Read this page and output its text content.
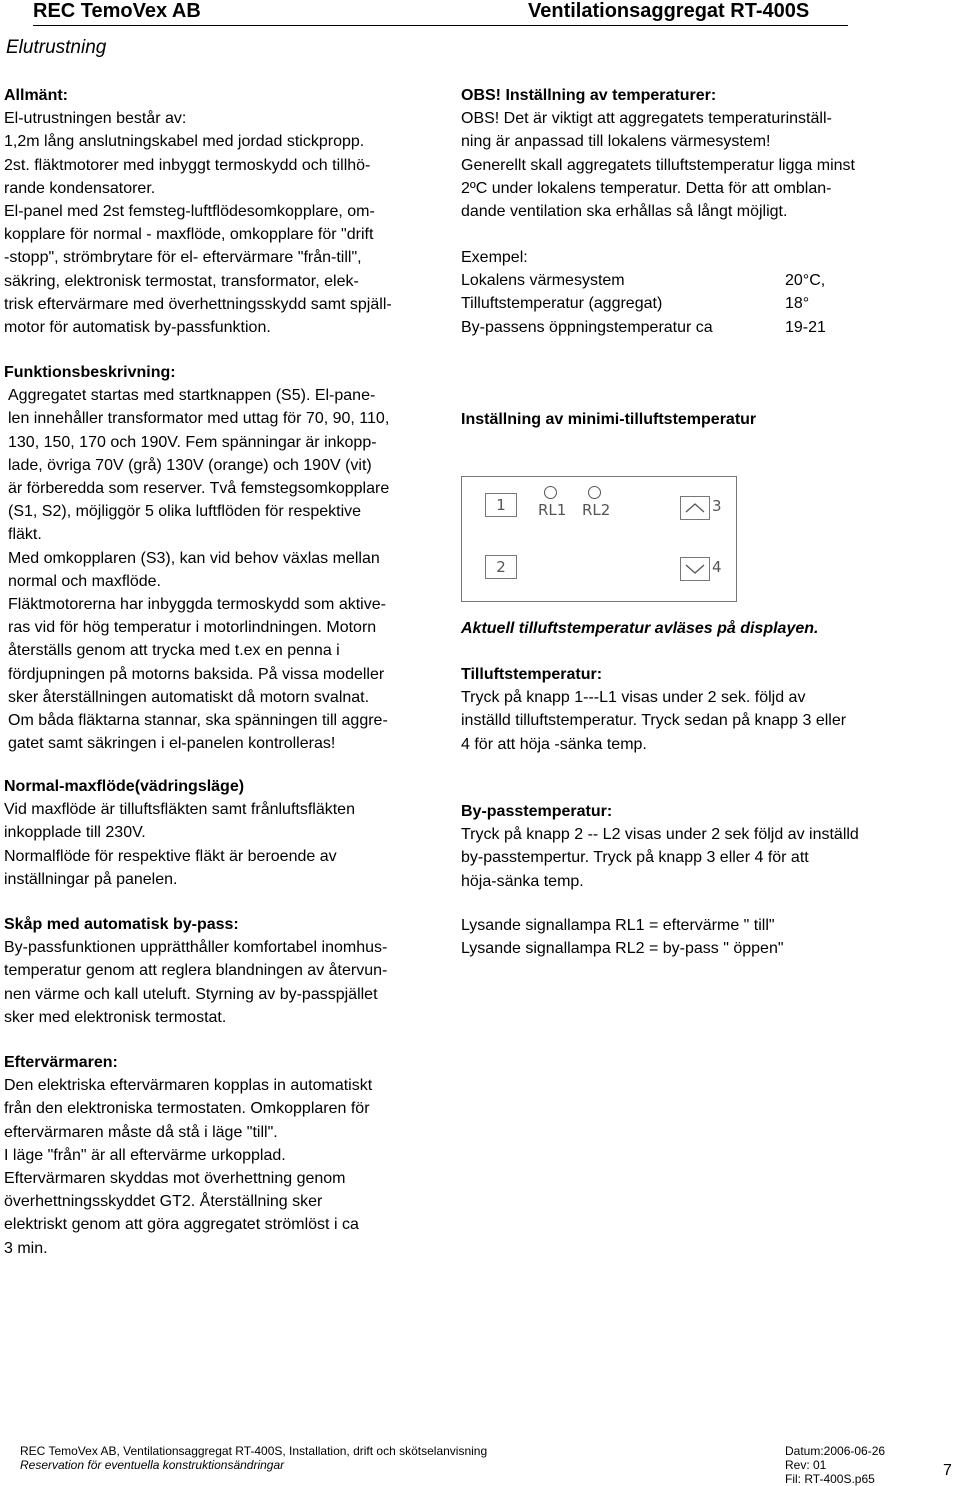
REC TemoVex AB	Ventilationsaggregat RT-400S
Elutrustning

Allmänt:

El-utrustningen består av:

1,2m lång anslutningskabel med jordad stickpropp.

2st. fläktmotorer med inbyggt termoskydd och tillhö-

rande kondensatorer.

El-panel med 2st femsteg-luftflödesomkopplare, om-

kopplare för normal - maxflöde, omkopplare för "drift

-stopp", strömbrytare för el- eftervärmare "från-till",

säkring, elektronisk termostat, transformator, elek-

trisk eftervärmare med överhettningsskydd samt spjäll-

motor för automatisk by-passfunktion.

Funktionsbeskrivning:

Aggregatet startas med startknappen (S5). El-pane-

len innehåller transformator med uttag för 70, 90, 110,

130, 150, 170 och 190V. Fem spänningar är inkopp-

lade, övriga 70V (grå) 130V (orange) och 190V (vit)

är förberedda som reserver. Två femstegsomkopplare

(S1, S2), möjliggör 5 olika luftflöden för respektive

fläkt.

Med omkopplaren (S3), kan vid behov växlas mellan

normal och maxflöde.

Fläktmotorerna har inbyggda termoskydd som aktive-

ras vid för hög temperatur i motorlindningen. Motorn

återställs genom att trycka med t.ex en penna i

fördjupningen på motorns baksida. På vissa modeller

sker återställningen automatiskt då motorn svalnat.

Om båda fläktarna stannar, ska spänningen till aggre-

gatet samt säkringen i el-panelen kontrolleras!

Normal-maxflöde(vädringsläge)

Vid maxflöde är tilluftsfläkten samt frånluftsfläkten

inkopplade till 230V.

Normalflöde för respektive fläkt är beroende av

inställningar på panelen.

Skåp med automatisk by-pass:

By-passfunktionen upprätthåller komfortabel inomhus-

temperatur genom att reglera blandningen av återvun-

nen värme och kall uteluft. Styrning av by-passpjället

sker med elektronisk termostat.

Eftervärmaren:

Den elektriska eftervärmaren kopplas in automatiskt

från den elektroniska termostaten. Omkopplaren för

eftervärmaren måste då stå i läge "till".

I läge "från" är all eftervärme urkopplad.

Eftervärmaren skyddas mot överhettning genom

överhettningsskyddet GT2. Återställning sker

elektriskt genom att göra aggregatet strömlöst i ca

3 min.

OBS! Inställning av temperaturer:

OBS! Det är viktigt att aggregatets temperaturinställ-

ning är anpassad till lokalens värmesystem!

Generellt skall aggregatets tilluftstemperatur ligga minst

2ºC under lokalens temperatur. Detta för att omblan-

dande ventilation ska erhållas så långt möjligt.

Exempel:

Lokalens värmesystem	20°C,
Tilluftstemperatur (aggregat)	18°
By-passens öppningstemperatur ca	19-21

Inställning av minimi-tilluftstemperatur

1
2
RL1 RL2	3
4

Aktuell tilluftstemperatur avläses på displayen.

Tilluftstemperatur:

Tryck på knapp 1---L1 visas under 2 sek. följd av

inställd tilluftstemperatur. Tryck sedan på knapp 3 eller

4 för att höja -sänka temp.

By-passtemperatur:

Tryck på knapp 2 -- L2 visas under 2 sek följd av inställd

by-passtempertur. Tryck på knapp 3 eller 4 för att

höja-sänka temp.

Lysande signallampa RL1 = eftervärme " till"

Lysande signallampa RL2 = by-pass " öppen"

REC TemoVex AB, Ventilationsaggregat RT-400S, Installation, drift och skötselanvisning
Reservation för eventuella konstruktionsändringar
Datum:2006-06-26
Rev: 01
Fil: RT-400S.p65	7
